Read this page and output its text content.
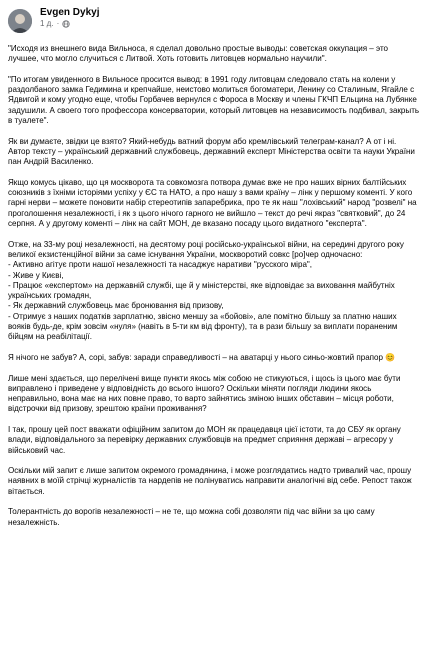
Evgen Dykyj
1 д. ·

"Исходя из внешнего вида Вильноса, я сделал довольно простые выводы: советская оккупация – это лучшее, что могло случиться с Литвой. Хоть готовить литовцев нормально научили".

"По итогам увиденного в Вильносе просится вывод: в 1991 году литовцам следовало стать на колени у раздолбаного замка Гедимина и крепчайше, неистово молиться богоматери, Ленину со Сталиным, Ягайле с Ядвигой и кому угодно еще, чтобы Горбачев вернулся с Фороса в Москву и члены ГКЧП Ельцина на Лубянке задушили. А своего того профессора консерватории, который литовцев на независимость подбивал, закрыть в туалете".

Як ви думаєте, звідки це взято? Який-небудь ватний форум або кремлівський телеграм-канал? А от і ні. Автор тексту – український державний службовець, державний експерт Міністерства освіти та науки України пан Андрій Василенко.

Якщо комусь цікаво, що ця москворота та совкомозга потвора думає вже не про наших вірних балтійських союзників з їхніми історіями успіху у ЄС та НАТО, а про нашу з вами країну – лінк у першому коменті. У кого гарні нерви – можете поновити набір стереотипів запаребрика, про те як наш "лохівський" народ "розвелі" на проголошення незалежності, і як з цього нічого гарного не вийшло – текст до речі якраз "святковий", до 24 серпня. А у другому коменті – лінк на сайт МОН, де вказано посаду цього видатного "експерта".

Отже, на 33-му році незалежності, на десятому році російсько-української війни, на середині другого року великої екзистенційної війни за саме існування України, москворотий совкс [ро]чер одночасно:

- Активно агітує проти нашої незалежності та насаджує наративи "русского міра",
- Живе у Києві,
- Працює «експертом» на державній службі, ще й у міністерстві, яке відповідає за виховання майбутніх українських громадян,
- Як державний службовець має бронювання від призову,
- Отримує з наших податків зарплатню, звісно меншу за «бойові», але помітно більшу за платню наших вояків будь-де, крім зовсім «нуля» (навіть в 5-ти км від фронту), та в рази більшу за виплати пораненим бійцям на реабілітації.

Я нічого не забув? А, сорі, забув: заради справедливості – на аватарці у нього синьо-жовтий прапор 😊

Лише мені здається, що перелічені вище пункти якось між собою не стикуються, і щось із цього має бути виправлено і приведене у відповідність до всього іншого? Оскільки міняти погляди людини якось неправильно, вона має на них повне право, то варто зайнятись зміною інших обставин – місця роботи, відстрочки від призову, зрештою країни проживання?

І так, прошу цей пост вважати офіційним запитом до МОН як працедавця цієї істоти, та до СБУ як органу влади, відповідального за перевірку державних службовців на предмет сприяння державі – агресору у військовий час.

Оскільки мій запит є лише запитом окремого громадянина, і може розглядатись надто тривалий час, прошу наявних в моїй стрічці журналістів та нардепів не полінуватись направити аналогічні від себе. Репост також вітається.

Толерантність до ворогів незалежності – не те, що можна собі дозволяти під час війни за цю саму незалежність.
